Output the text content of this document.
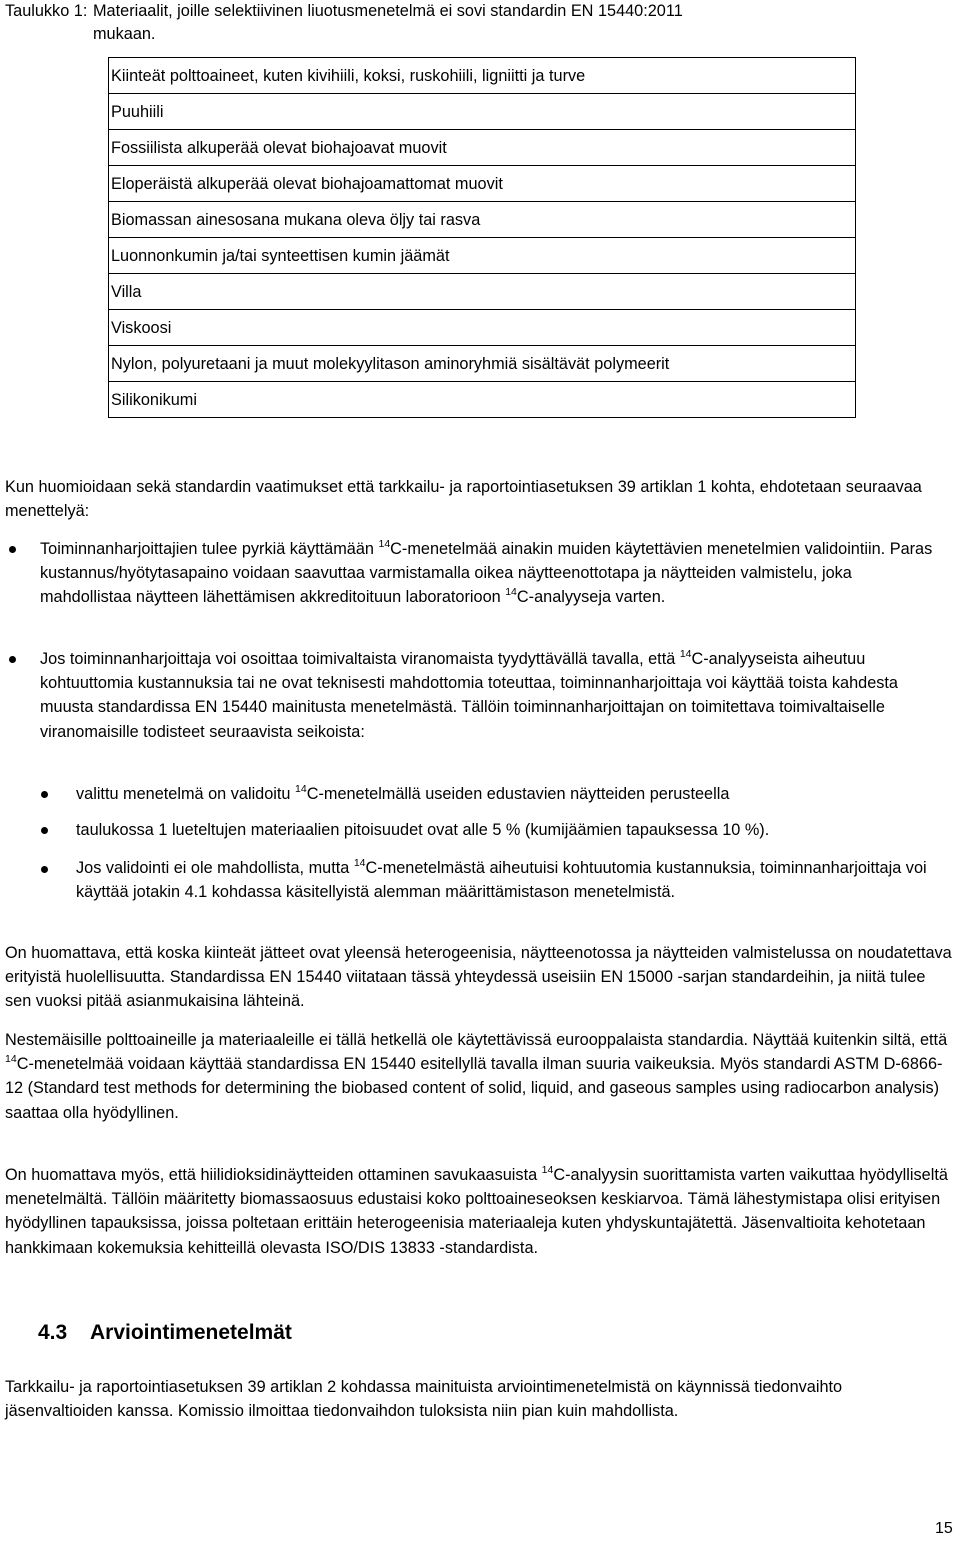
Taulukko 1: Materiaalit, joille selektiivinen liuotusmenetelmä ei sovi standardin EN 15440:2011
mukaan.
Kiinteät polttoaineet, kuten kivihiili, koksi, ruskohiili, ligniitti ja turve
Puuhiili
Fossiilista alkuperää olevat biohajoavat muovit
Eloperäistä alkuperää olevat biohajoamattomat muovit
Biomassan ainesosana mukana oleva öljy tai rasva
Luonnonkumin ja/tai synteettisen kumin jäämät
Villa
Viskoosi
Nylon, polyuretaani ja muut molekyylitason aminoryhmiä sisältävät polymeerit
Silikonikumi
Kun huomioidaan sekä standardin vaatimukset että tarkkailu- ja raportointiasetuksen 39 artiklan 1 kohta, ehdotetaan seuraavaa menettelyä:
Toiminnanharjoittajien tulee pyrkiä käyttämään $^{14}$C-menetelmää ainakin muiden käytettävien menetelmien validointiin. Paras kustannus/hyötytasapaino voidaan saavuttaa varmistamalla oikea näytteenottotapa ja näytteiden valmistelu, joka mahdollistaa näytteen lähettämisen akkreditoituun laboratorioon $^{14}$C-analyyseja varten.
Jos toiminnanharjoittaja voi osoittaa toimivaltaista viranomaista tyydyttävällä tavalla, että $^{14}$C-analyyseista aiheutuu kohtuuttomia kustannuksia tai ne ovat teknisesti mahdottomia toteuttaa, toiminnanharjoittaja voi käyttää toista kahdesta muusta standardissa EN 15440 mainitusta menetelmästä. Tällöin toiminnanharjoittajan on toimitettava toimivaltaiselle viranomaisille todisteet seuraavista seikoista:
valittu menetelmä on validoitu $^{14}$C-menetelmällä useiden edustavien näytteiden perusteella
taulukossa 1 lueteltujen materiaalien pitoisuudet ovat alle 5 % (kumijäämien tapauksessa 10 %).
Jos validointi ei ole mahdollista, mutta $^{14}$C-menetelmästä aiheutuisi kohtuutomia kustannuksia, toiminnanharjoittaja voi käyttää jotakin 4.1 kohdassa käsitellyistä alemman määrittämistason menetelmistä.
On huomattava, että koska kiinteät jätteet ovat yleensä heterogeenisia, näytteenotossa ja näytteiden valmistelussa on noudatettava erityistä huolellisuutta. Standardissa EN 15440 viitataan tässä yhteydessä useisiin EN 15000 -sarjan standardeihin, ja niitä tulee sen vuoksi pitää asianmukaisina lähteinä.
Nestemäisille polttoaineille ja materiaaleille ei tällä hetkellä ole käytettävissä eurooppalaista standardia. Näyttää kuitenkin siltä, että $^{14}$C-menetelmää voidaan käyttää standardissa EN 15440 esitellyllä tavalla ilman suuria vaikeuksia. Myös standardi ASTM D-6866-12 (Standard test methods for determining the biobased content of solid, liquid, and gaseous samples using radiocarbon analysis) saattaa olla hyödyllinen.
On huomattava myös, että hiilidioksidinäytteiden ottaminen savukaasuista $^{14}$C-analyysin suorittamista varten vaikuttaa hyödylliseltä menetelmältä. Tällöin määritetty biomassaosuus edustaisi koko polttoaineseoksen keskiarvoa. Tämä lähestymistapa olisi erityisen hyödyllinen tapauksissa, joissa poltetaan erittäin heterogeenisia materiaaleja kuten yhdyskuntajätettä. Jäsenvaltioita kehotetaan hankkimaan kokemuksia kehitteillä olevasta ISO/DIS 13833 -standardista.
4.3 Arviointimenetelmät
Tarkkailu- ja raportointiasetuksen 39 artiklan 2 kohdassa mainituista arviointimenetelmistä on käynnissä tiedonvaihto jäsenvaltioiden kanssa. Komissio ilmoittaa tiedonvaihdon tuloksista niin pian kuin mahdollista.
15
